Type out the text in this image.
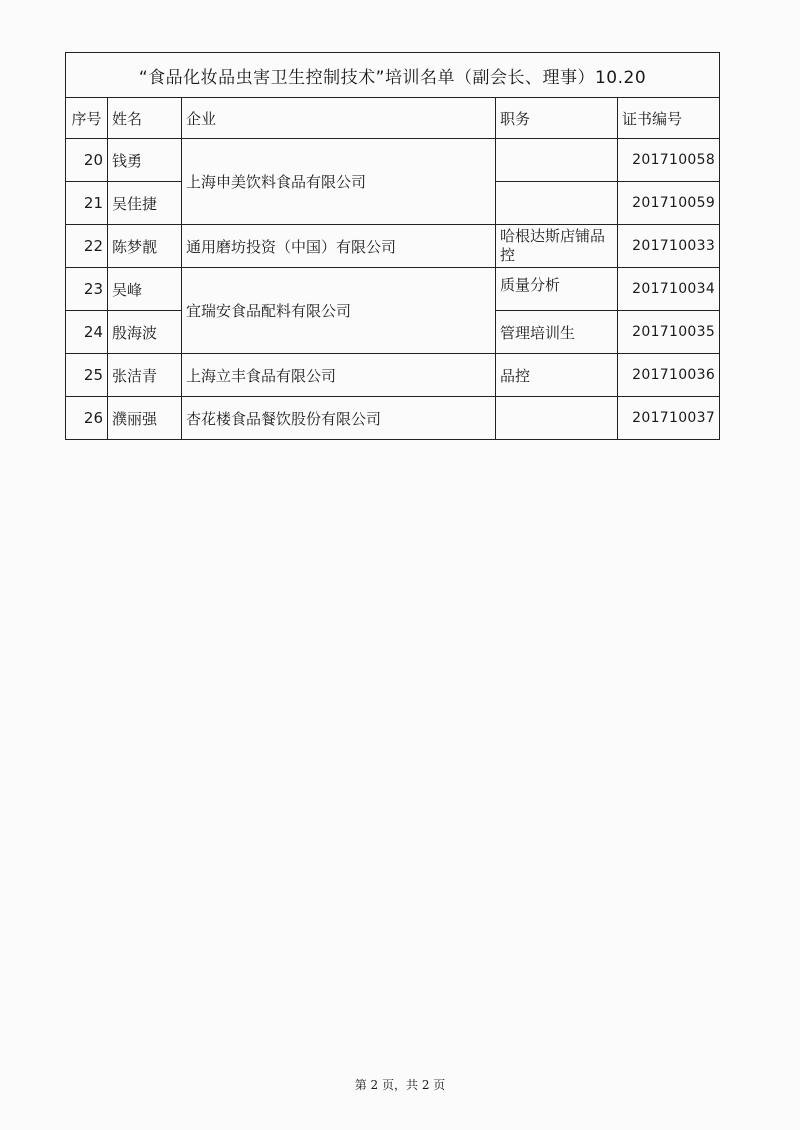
“食品化妆品虫害卫生控制技术”培训名单（副会长、理事）10.20				
序号	姓名	企业	职务	证书编号
20	钱勇	上海申美饮料食品有限公司		201710058
21	吴佳捷			201710059
22	陈梦靓	通用磨坊投资（中国）有限公司	哈根达斯店铺品控	201710033
23	吴峰	宜瑞安食品配料有限公司	质量分析	201710034
24	殷海波		管理培训生	201710035
25	张洁青	上海立丰食品有限公司	品控	201710036
26	濮丽强	杏花楼食品餐饮股份有限公司		201710037
第 2 页，共 2 页
